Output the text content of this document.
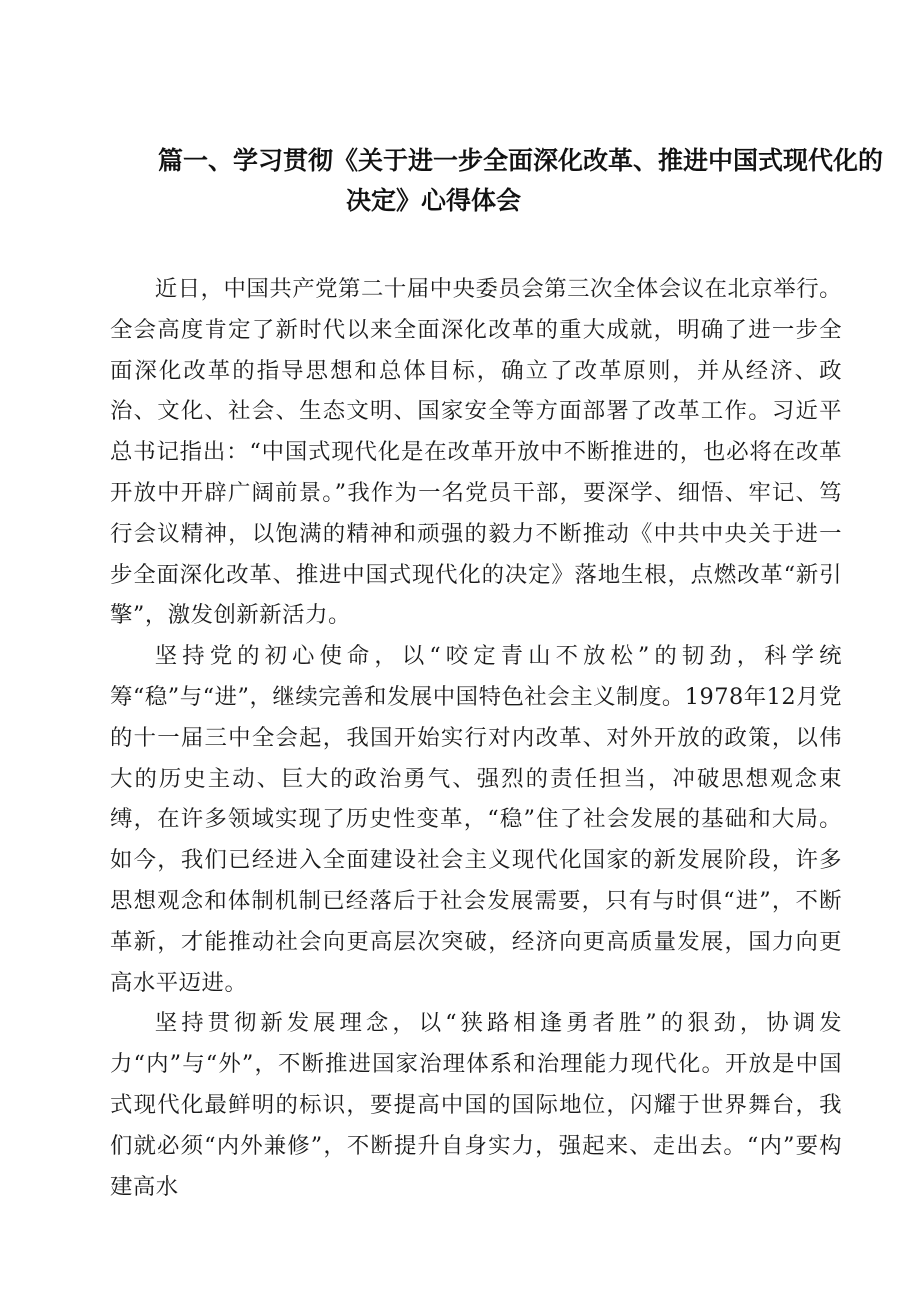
篇一、学习贯彻《关于进一步全面深化改革、推进中国式现代化的
决定》心得体会

近日，中国共产党第二十届中央委员会第三次全体会议在北京举行。全会高度肯定了新时代以来全面深化改革的重大成就，明确了进一步全面深化改革的指导思想和总体目标，确立了改革原则，并从经济、政治、文化、社会、生态文明、国家安全等方面部署了改革工作。习近平总书记指出：“中国式现代化是在改革开放中不断推进的，也必将在改革开放中开辟广阔前景。”我作为一名党员干部，要深学、细悟、牢记、笃行会议精神，以饱满的精神和顽强的毅力不断推动《中共中央关于进一步全面深化改革、推进中国式现代化的决定》落地生根，点燃改革“新引擎”，激发创新新活力。

坚持党的初心使命，以“咬定青山不放松”的韧劲，科学统筹“稳”与“进”，继续完善和发展中国特色社会主义制度。1978年12月党的十一届三中全会起，我国开始实行对内改革、对外开放的政策，以伟大的历史主动、巨大的政治勇气、强烈的责任担当，冲破思想观念束缚，在许多领域实现了历史性变革，“稳”住了社会发展的基础和大局。如今，我们已经进入全面建设社会主义现代化国家的新发展阶段，许多思想观念和体制机制已经落后于社会发展需要，只有与时俱“进”，不断革新，才能推动社会向更高层次突破，经济向更高质量发展，国力向更高水平迈进。

坚持贯彻新发展理念，以“狭路相逢勇者胜”的狠劲，协调发力“内”与“外”，不断推进国家治理体系和治理能力现代化。开放是中国式现代化最鲜明的标识，要提高中国的国际地位，闪耀于世界舞台，我们就必须“内外兼修”，不断提升自身实力，强起来、走出去。“内”要构建高水
